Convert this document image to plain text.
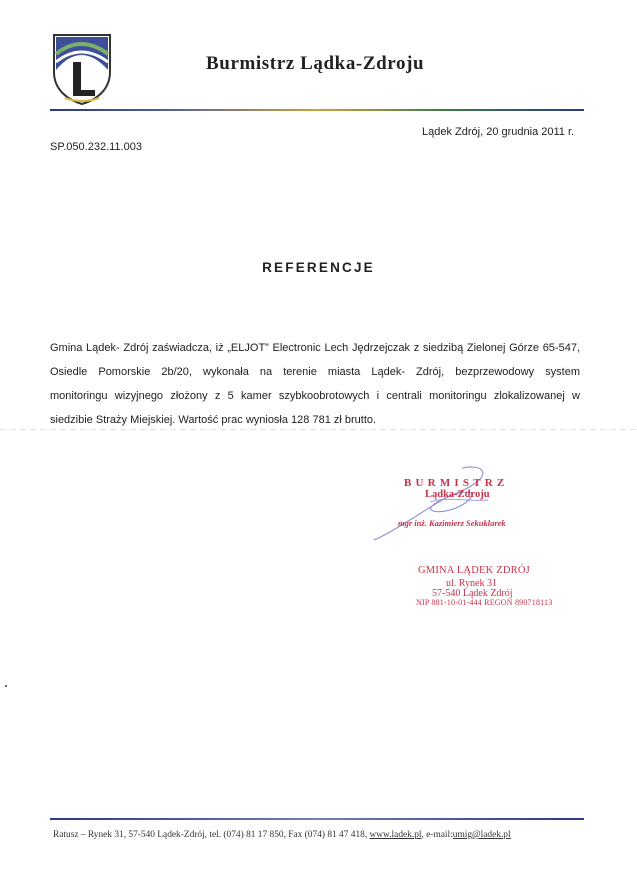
Burmistrz Lądka-Zdroju
Lądek Zdrój, 20 grudnia 2011 r.
SP.050.232.11.003
REFERENCJE
Gmina Lądek- Zdrój zaświadcza, iż „ELJOT” Electronic Lech Jędrzejczak z siedzibą Zielonej Górze 65-547,
Osiedle Pomorskie 2b/20, wykonała na terenie miasta Lądek- Zdrój, bezprzewodowy system
monitoringu wizyjnego złożony z 5 kamer szybkoobrotowych i centrali monitoringu zlokalizowanej w
siedzibie Straży Miejskiej. Wartość prac wyniosła 128 781 zł brutto.
BURMISTRZ
Lądka-Zdroju
mgr inż. Kazimierz Sekuklarek
GMINA LĄDEK ZDRÓJ
ul. Rynek 31
57-540 Lądek Zdrój
NIP 881-10-01-444 REGON 890718113
Ratusz – Rynek 31, 57-540 Lądek-Zdrój, tel. (074) 81 17 850, Fax (074) 81 47 418, www.ladek.pl, e-mail:umig@ladek.pl
